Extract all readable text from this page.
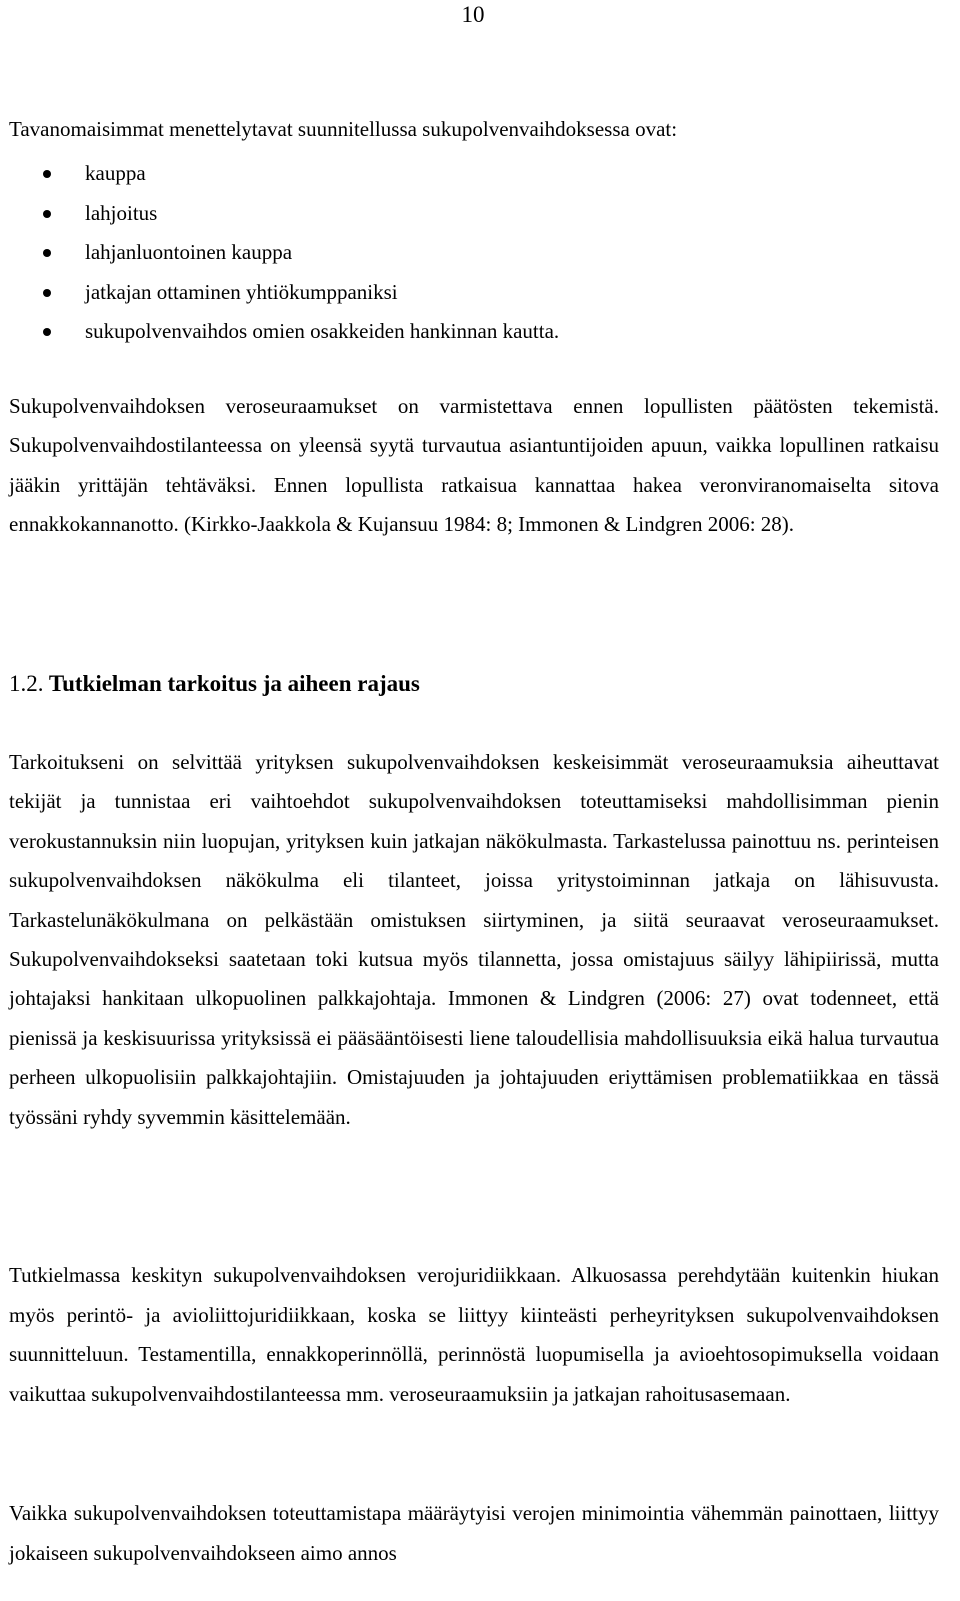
10

Tavanomaisimmat menettelytavat suunnitellussa sukupolvenvaihdoksessa ovat:

kauppa
lahjoitus
lahjanluontoinen kauppa
jatkajan ottaminen yhtiökumppaniksi
sukupolvenvaihdos omien osakkeiden hankinnan kautta.

Sukupolvenvaihdoksen veroseuraamukset on varmistettava ennen lopullisten päätösten tekemistä. Sukupolvenvaihdostilanteessa on yleensä syytä turvautua asiantuntijoiden apuun, vaikka lopullinen ratkaisu jääkin yrittäjän tehtäväksi. Ennen lopullista ratkaisua kannattaa hakea veronviranomaiselta sitova ennakkokannanotto. (Kirkko-Jaakkola & Kujansuu 1984: 8; Immonen & Lindgren 2006: 28).

1.2. Tutkielman tarkoitus ja aiheen rajaus

Tarkoitukseni on selvittää yrityksen sukupolvenvaihdoksen keskeisimmät veroseuraamuksia aiheuttavat tekijät ja tunnistaa eri vaihtoehdot sukupolvenvaihdoksen toteuttamiseksi mahdollisimman pienin verokustannuksin niin luopujan, yrityksen kuin jatkajan näkökulmasta. Tarkastelussa painottuu ns. perinteisen sukupolvenvaihdoksen näkökulma eli tilanteet, joissa yritystoiminnan jatkaja on lähisuvusta. Tarkastelunäkökulmana on pelkästään omistuksen siirtyminen, ja siitä seuraavat veroseuraamukset. Sukupolvenvaihdokseksi saatetaan toki kutsua myös tilannetta, jossa omistajuus säilyy lähipiirissä, mutta johtajaksi hankitaan ulkopuolinen palkkajohtaja. Immonen & Lindgren (2006: 27) ovat todenneet, että pienissä ja keskisuurissa yrityksissä ei pääsääntöisesti liene taloudellisia mahdollisuuksia eikä halua turvautua perheen ulkopuolisiin palkkajohtajiin. Omistajuuden ja johtajuuden eriyttämisen problematiikkaa en tässä työssäni ryhdy syvemmin käsittelemään.

Tutkielmassa keskityn sukupolvenvaihdoksen verojuridiikkaan. Alkuosassa perehdytään kuitenkin hiukan myös perintö- ja avioliittojuridiikkaan, koska se liittyy kiinteästi perheyrityksen sukupolvenvaihdoksen suunnitteluun. Testamentilla, ennakkoperinnöllä, perinnöstä luopumisella ja avioehtosopimuksella voidaan vaikuttaa sukupolvenvaihdostilanteessa mm. veroseuraamuksiin ja jatkajan rahoitusasemaan.

Vaikka sukupolvenvaihdoksen toteuttamistapa määräytyisi verojen minimointia vähemmän painottaen, liittyy jokaiseen sukupolvenvaihdokseen aimo annos
